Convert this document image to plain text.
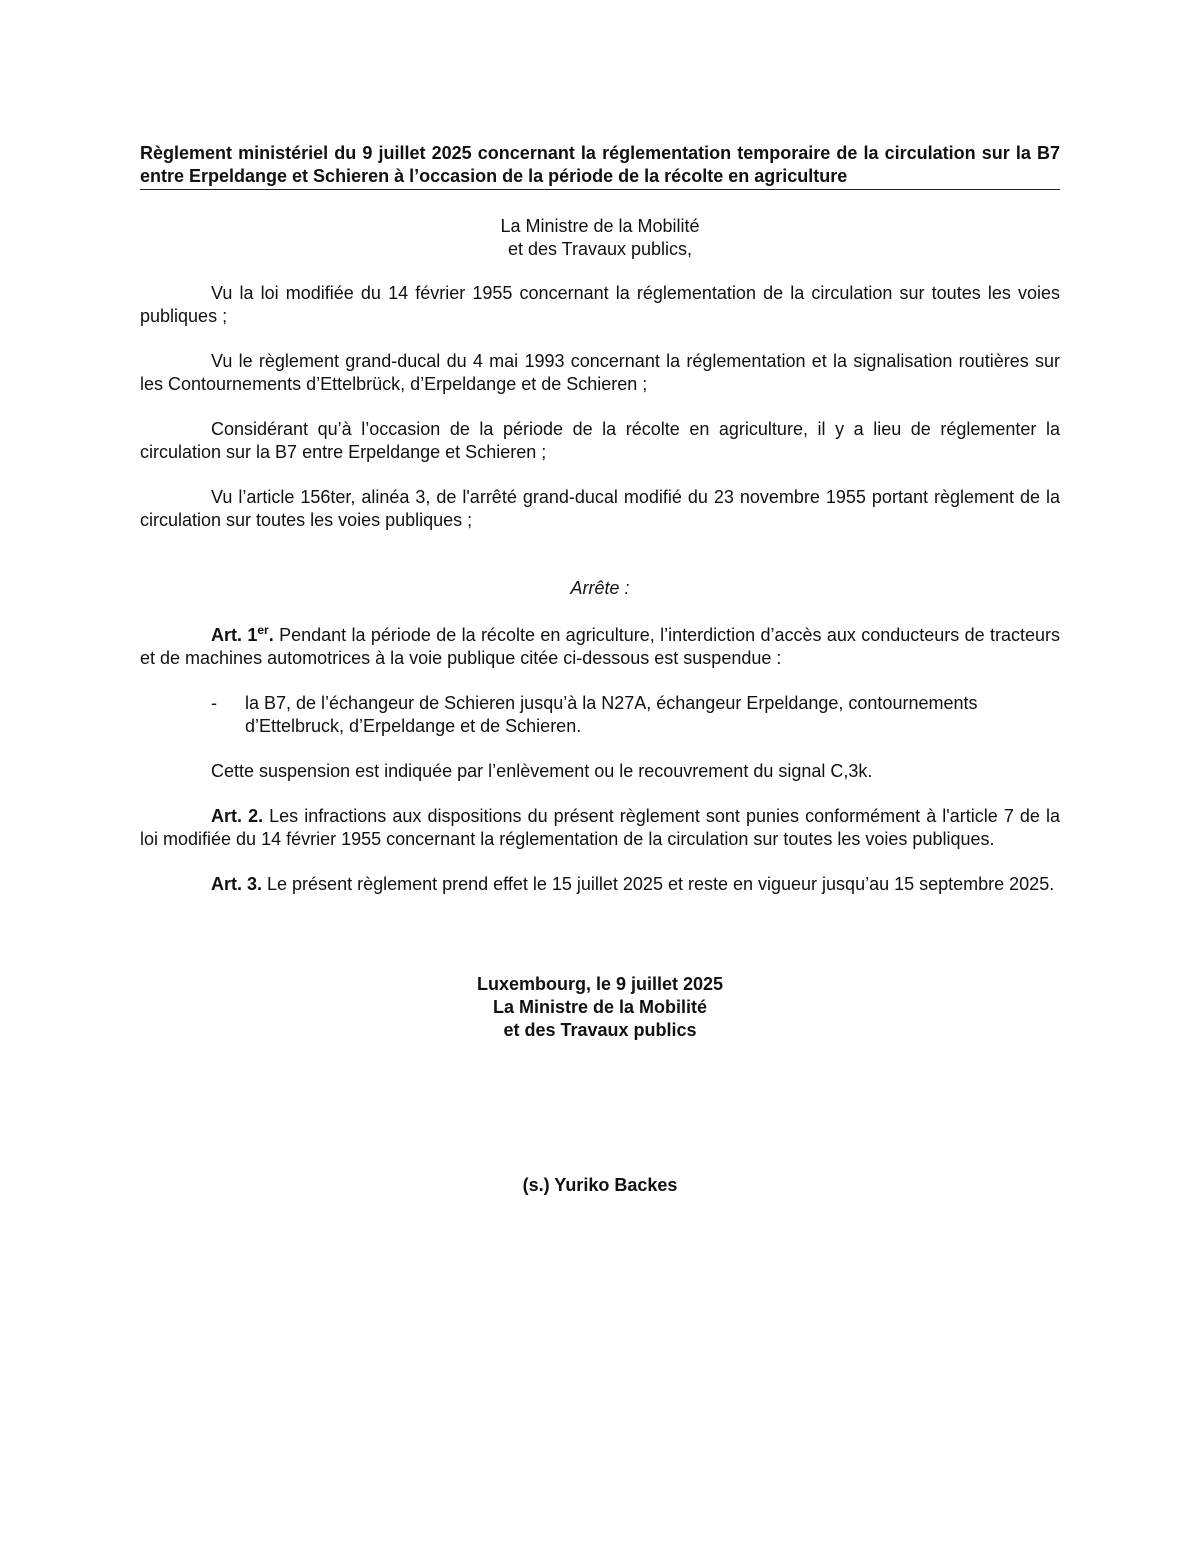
Règlement ministériel du 9 juillet 2025 concernant la réglementation temporaire de la circulation sur la B7 entre Erpeldange et Schieren à l’occasion de la période de la récolte en agriculture
La Ministre de la Mobilité
et des Travaux publics,

Vu la loi modifiée du 14 février 1955 concernant la réglementation de la circulation sur toutes les voies publiques ;

Vu le règlement grand-ducal du 4 mai 1993 concernant la réglementation et la signalisation routières sur les Contournements d’Ettelbrück, d’Erpeldange et de Schieren ;

Considérant qu’à l’occasion de la période de la récolte en agriculture, il y a lieu de réglementer la circulation sur la B7 entre Erpeldange et Schieren ;

Vu l’article 156ter, alinéa 3, de l'arrêté grand-ducal modifié du 23 novembre 1955 portant règlement de la circulation sur toutes les voies publiques ;

Arrête :

Art. 1er. Pendant la période de la récolte en agriculture, l’interdiction d’accès aux conducteurs de tracteurs et de machines automotrices à la voie publique citée ci-dessous est suspendue :

- la B7, de l’échangeur de Schieren jusqu’à la N27A, échangeur Erpeldange, contournements d’Ettelbruck, d’Erpeldange et de Schieren.
Cette suspension est indiquée par l’enlèvement ou le recouvrement du signal C,3k.

Art. 2. Les infractions aux dispositions du présent règlement sont punies conformément à l'article 7 de la loi modifiée du 14 février 1955 concernant la réglementation de la circulation sur toutes les voies publiques.

Art. 3. Le présent règlement prend effet le 15 juillet 2025 et reste en vigueur jusqu’au 15 septembre 2025.

Luxembourg, le 9 juillet 2025
La Ministre de la Mobilité
et des Travaux publics
(s.) Yuriko Backes
